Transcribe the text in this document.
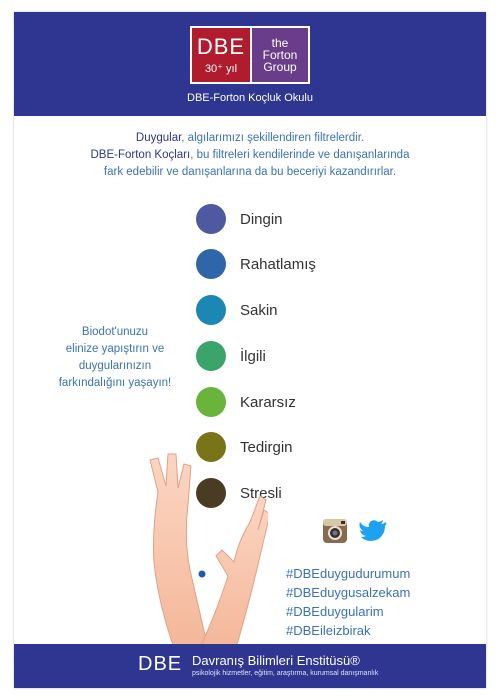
DBE
30⁺ yıl
the
Forton
Group
DBE-Forton Koçluk Okulu
Duygular, algılarımızı şekillendiren filtrelerdir.
DBE-Forton Koçları, bu filtreleri kendilerinde ve danışanlarında
fark edebilir ve danışanlarına da bu beceriyi kazandırırlar.
Dingin
Rahatlamış
Sakin
İlgili
Kararsız
Tedirgin
Stresli
Biodot'unuzu
elinize yapıştırın ve
duygularınızın
farkındalığını yaşayın!
#DBEduygudurumum
#DBEduygusalzekam
#DBEduygularim
#DBEileizbirak
DBE Davranış Bilimleri Enstitüsü®
psikolojik hizmetler, eğitim, araştırma, kurumsal danışmanlık
